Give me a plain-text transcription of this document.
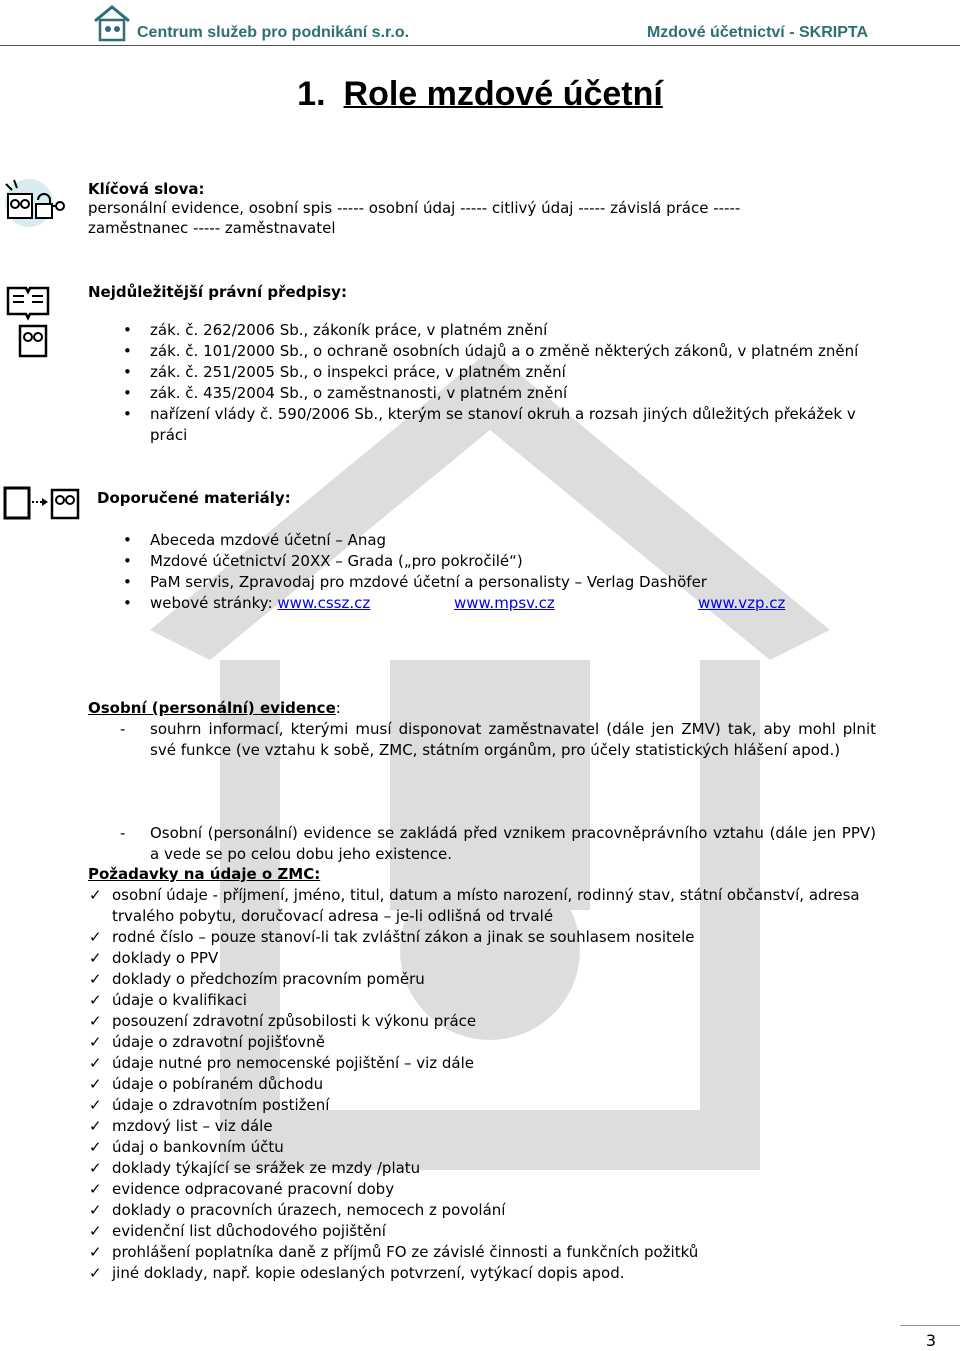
Centrum služeb pro podnikání s.r.o.	Mzdové účetnictví - SKRIPTA
1. Role mzdové účetní
Klíčová slova:
personální evidence, osobní spis ----- osobní údaj ----- citlivý údaj ----- závislá práce -----
zaměstnanec ----- zaměstnavatel
Nejdůležitější právní předpisy:
• zák. č. 262/2006 Sb., zákoník práce, v platném znění
• zák. č. 101/2000 Sb., o ochraně osobních údajů a o změně některých zákonů, v platném znění
• zák. č. 251/2005 Sb., o inspekci práce, v platném znění
• zák. č. 435/2004 Sb., o zaměstnanosti, v platném znění
• nařízení vlády č. 590/2006 Sb., kterým se stanoví okruh a rozsah jiných důležitých překážek v práci
Doporučené materiály:
• Abeceda mzdové účetní – Anag
• Mzdové účetnictví 20XX – Grada („pro pokročilé“)
• PaM servis, Zpravodaj pro mzdové účetní a personalisty – Verlag Dashöfer
• webové stránky: www.cssz.cz	www.mpsv.cz	www.vzp.cz
Osobní (personální) evidence:
- souhrn informací, kterými musí disponovat zaměstnavatel (dále jen ZMV) tak, aby mohl plnit své funkce (ve vztahu k sobě, ZMC, státním orgánům, pro účely statistických hlášení apod.)
- Osobní (personální) evidence se zakládá před vznikem pracovněprávního vztahu (dále jen PPV) a vede se po celou dobu jeho existence.
Požadavky na údaje o ZMC:
✓ osobní údaje - příjmení, jméno, titul, datum a místo narození, rodinný stav, státní občanství, adresa trvalého pobytu, doručovací adresa – je-li odlišná od trvalé
✓ rodné číslo – pouze stanoví-li tak zvláštní zákon a jinak se souhlasem nositele
✓ doklady o PPV
✓ doklady o předchozím pracovním poměru
✓ údaje o kvalifikaci
✓ posouzení zdravotní způsobilosti k výkonu práce
✓ údaje o zdravotní pojišťovně
✓ údaje nutné pro nemocenské pojištění – viz dále
✓ údaje o pobíraném důchodu
✓ údaje o zdravotním postižení
✓ mzdový list – viz dále
✓ údaj o bankovním účtu
✓ doklady týkající se srážek ze mzdy /platu
✓ evidence odpracované pracovní doby
✓ doklady o pracovních úrazech, nemocech z povolání
✓ evidenční list důchodového pojištění
✓ prohlášení poplatníka daně z příjmů FO ze závislé činnosti a funkčních požitků
✓ jiné doklady, např. kopie odeslaných potvrzení, vytýkací dopis apod.
3
